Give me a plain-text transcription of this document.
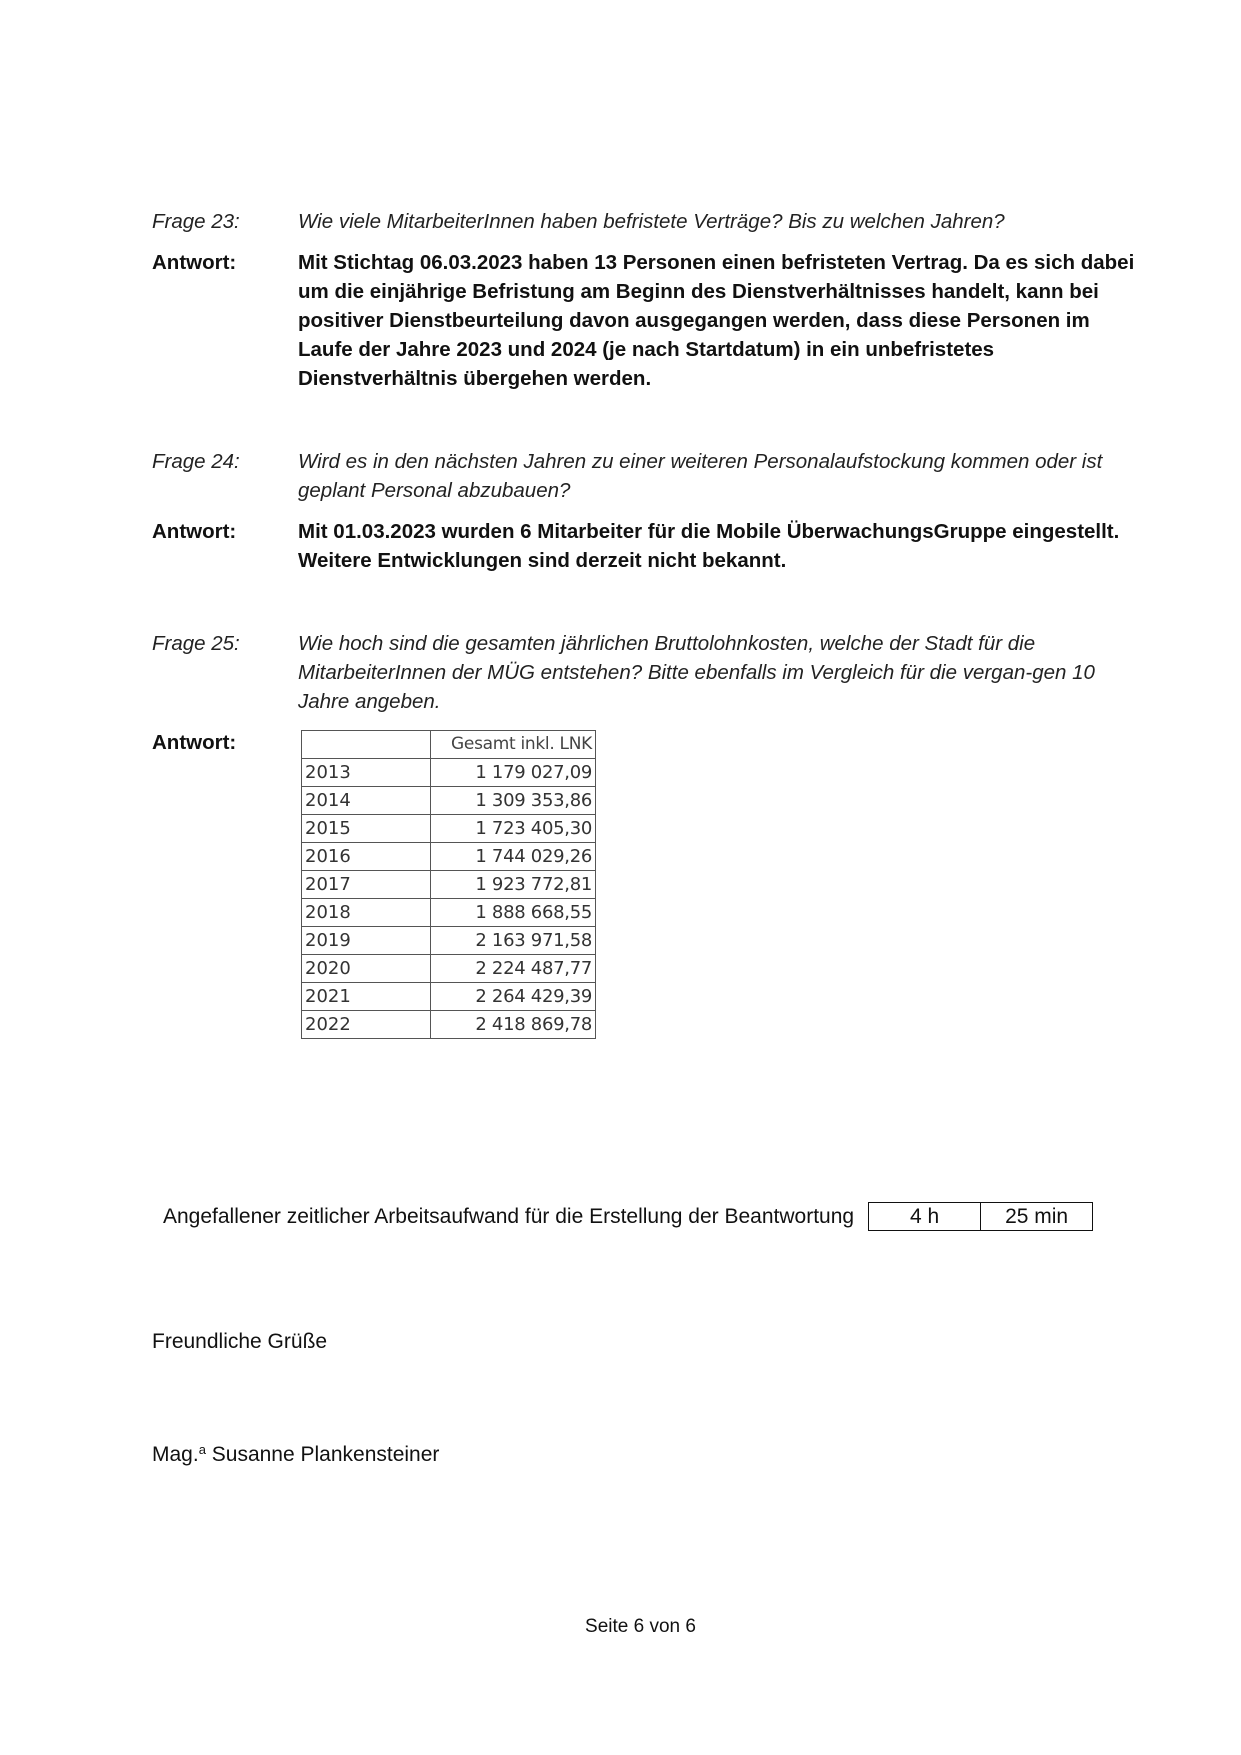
Frage 23:	Wie viele MitarbeiterInnen haben befristete Verträge? Bis zu welchen Jahren?
Antwort:	Mit Stichtag 06.03.2023 haben 13 Personen einen befristeten Vertrag. Da es sich dabei um die einjährige Befristung am Beginn des Dienstverhältnisses handelt, kann bei positiver Dienstbeurteilung davon ausgegangen werden, dass diese Personen im Laufe der Jahre 2023 und 2024 (je nach Startdatum) in ein unbefristetes Dienstverhältnis übergehen werden.
Frage 24:	Wird es in den nächsten Jahren zu einer weiteren Personalaufstockung kommen oder ist geplant Personal abzubauen?
Antwort:	Mit 01.03.2023 wurden 6 Mitarbeiter für die Mobile ÜberwachungsGruppe eingestellt. Weitere Entwicklungen sind derzeit nicht bekannt.
Frage 25:	Wie hoch sind die gesamten jährlichen Bruttolohnkosten, welche der Stadt für die MitarbeiterInnen der MÜG entstehen? Bitte ebenfalls im Vergleich für die vergan-gen 10 Jahre angeben.
Antwort:
		Gesamt inkl. LNK
2013	1 179 027,09
2014	1 309 353,86
2015	1 723 405,30
2016	1 744 029,26
2017	1 923 772,81
2018	1 888 668,55
2019	2 163 971,58
2020	2 224 487,77
2021	2 264 429,39
2022	2 418 869,78
Angefallener zeitlicher Arbeitsaufwand für die Erstellung der Beantwortung	4 h	25 min
Freundliche Grüße
Mag.$^a$ Susanne Plankensteiner
Seite 6 von 6
